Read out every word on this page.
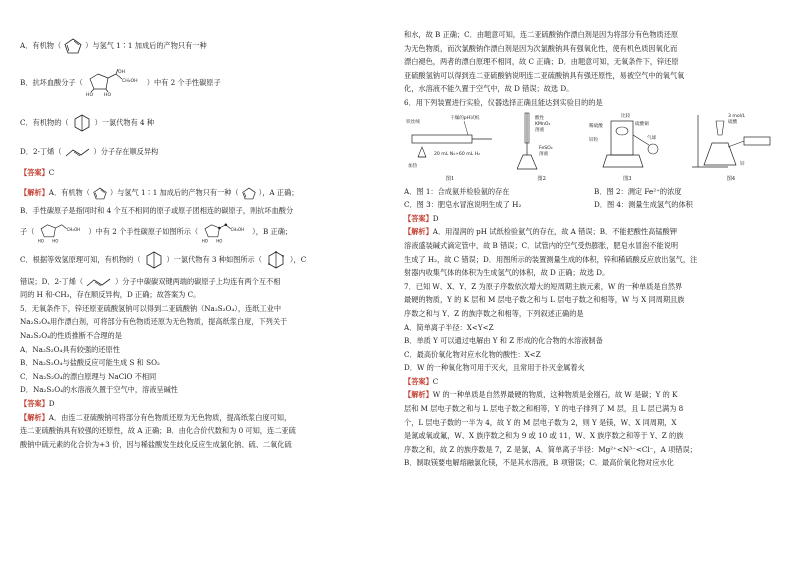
A．有机物（	）与氢气 1∶1 加成后的产物只有一种
B．抗坏血酸分子（
OH
CH₂OH
HO HO
）中有 2 个手性碳原子
C．有机物的（	）一氯代物有 4 种
D．2-丁烯（	）分子存在顺反异构
【答案】C
【解析】 A．有机物（	）与氢气 1∶1 加成后的产物只有一种（	），A 正确；
B．手性碳原子是指同时和 4 个互不相同的原子或原子团相连的碳原子，则抗坏血酸分
子（	CH₂OH
HO HO
）中有 2 个手性碳原子如图所示（	CH₂OH
HO HO
），B 正确；
C．根据等效氢原理可知，有机物的（	）一氯代物有 3 种如图所示（	），C
错误；D．2-丁烯（	）分子中碳碳双键两端的碳原子上均连有两个互不相
同的 H 和-CH₃，存在顺反异构，D 正确；故答案为 C。
5．无氧条件下，锌还原亚硫酸氢钠可以得到二亚硫酸钠（Na₂S₂O₄），连纸工业中
Na₂S₂O₄用作漂白剂，可将部分有色物质还原为无色物质，提高纸浆白度，下列关于
Na₂S₂O₄的性质推断不合理的是
A．Na₂S₂O₄具有较强的还原性
B．Na₂S₂O₄与盐酸反应可能生成 S 和 SO₂
C．Na₂S₂O₄的漂白原理与 NaClO 不相同
D．Na₂S₂O₄的水溶液久置于空气中，溶液呈碱性
【答案】D
【解析】A．由连二亚硫酸钠可将部分有色物质还原为无色物质，提高纸浆白度可知，
连二亚硫酸钠具有较强的还原性，故 A 正确；B．由化合价代数和为 0 可知，连二亚硫
酸钠中硫元素的化合价为+3 价，因与稀盐酸发生歧化反应生成氯化钠、硫、二氧化硫
和水，故 B 正确；C．由题意可知，连二亚硫酸钠作漂白剂是因为将部分有色物质还原
为无色物质，而次氯酸钠作漂白剂是因为次氯酸钠具有强氧化性，使有机色质因氧化而
漂白褪色，两者的漂白原理不相同，故 C 正确；D．由题意可知，无氧条件下，锌还原
亚硫酸氢钠可以得到连二亚硫酸钠说明连二亚硫酸钠具有强还原性，易被空气中的氧气氧
化，水溶液不能久置于空气中，故 D 错误；故选 D。
6．用下列装置进行实验，仪器选择正确且能达到实验目的的是
铁丝绒
干燥的pH试纸
加热
20 mL N₂+60 mL H₂
图1
酸性
KMnO₄
溶液
FeSO₄
溶液
图2
比较
稀硫酸	硫酸铜
锌粒	气球
图3
3 mol/L
硫酸
锌
图4
A．图 1：合成氨并检验氨的存在	B．图 2：测定 Fe²⁺的浓度
C．图 3：肥皂水冒泡说明生成了 H₂	D．图 4：测量生成氢气的体积
【答案】D
【解析】A．用湿润的 pH 试纸检验氨气的存在，故 A 错误；B．不能把酸性高锰酸钾
溶液盛装碱式滴定管中，故 B 错误；C．试管内的空气受热膨胀，肥皂水冒泡不能说明
生成了 H₂，故 C 错误；D．用图所示的装置测量生成的体积，锌和稀硫酸反应放出氢气，注
射器内收集气体的体积为生成氢气的体积，故 D 正确；故选 D。
7．已知 W、X、Y、Z 为原子序数依次增大的短周期主族元素，W 的一种单质是自然界
最硬的物质，Y 的 K 层和 M 层电子数之和与 L 层电子数之和相等，W 与 X 同周期且族
序数之和与 Y、Z 的族序数之和相等，下列叙述正确的是
A．简单离子半径：X<Y<Z
B．单质 Y 可以通过电解由 Y 和 Z 形成的化合物的水溶液制备
C．最高价氧化物对应水化物的酸性：X<Z
D．W 的一种氧化物可用于灭火，且常用于扑灭金属着火
【答案】C
【解析】W 的一种单质是自然界最硬的物质，这种物质是金刚石，故 W 是碳；Y 的 K
层和 M 层电子数之和与 L 层电子数之和相等，Y 的电子排列了 M 层，且 L 层已满为 8
个，L 层电子数的一半为 4，故 Y 的 M 层电子数为 2，则 Y 是镁，W、X 同周期，X
是氮或氧或氟，W、X 族序数之和为 9 或 10 或 11，W、X 族序数之和等于 Y、Z 的族
序数之和，故 Z 的族序数是 7，Z 是氯，A．简单离子半径：Mg²⁺<N³⁻<Cl⁻，A 项错误；
B．制取镁要电解熔融氯化镁，不是其水溶液，B 项错误；C．最高价氧化物对应水化
